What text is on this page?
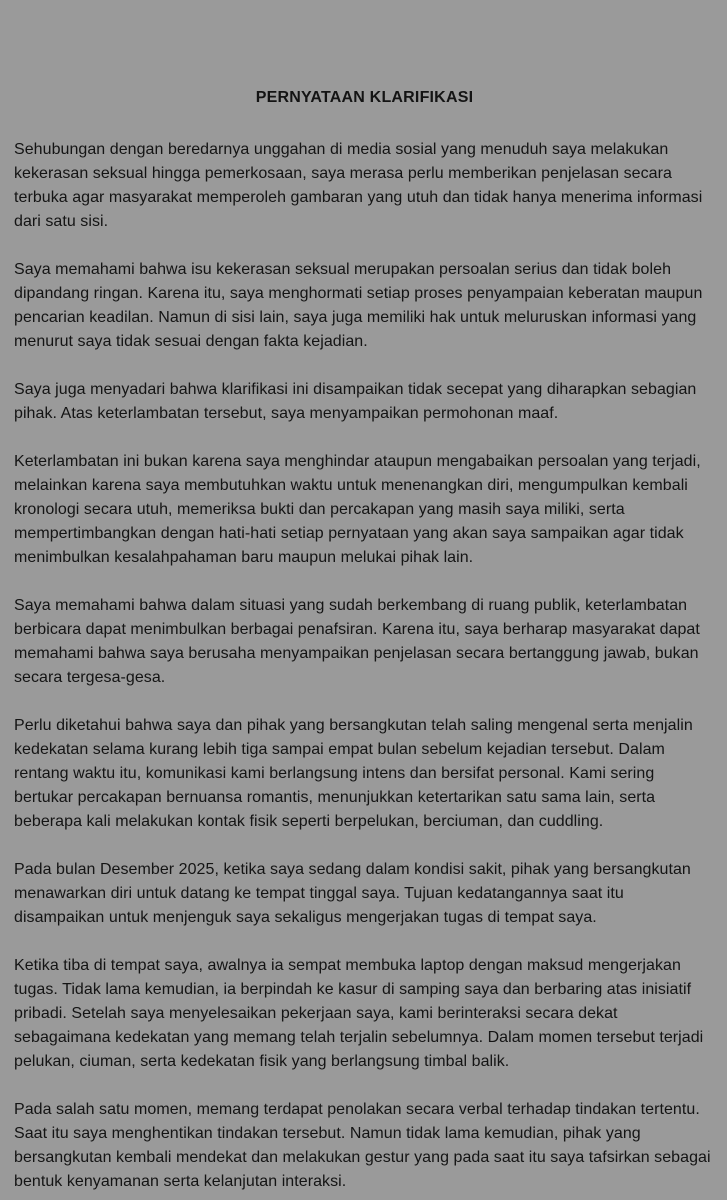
PERNYATAAN KLARIFIKASI

Sehubungan dengan beredarnya unggahan di media sosial yang menuduh saya melakukan kekerasan seksual hingga pemerkosaan, saya merasa perlu memberikan penjelasan secara terbuka agar masyarakat memperoleh gambaran yang utuh dan tidak hanya menerima informasi dari satu sisi.

Saya memahami bahwa isu kekerasan seksual merupakan persoalan serius dan tidak boleh dipandang ringan. Karena itu, saya menghormati setiap proses penyampaian keberatan maupun pencarian keadilan. Namun di sisi lain, saya juga memiliki hak untuk meluruskan informasi yang menurut saya tidak sesuai dengan fakta kejadian.

Saya juga menyadari bahwa klarifikasi ini disampaikan tidak secepat yang diharapkan sebagian pihak. Atas keterlambatan tersebut, saya menyampaikan permohonan maaf.

Keterlambatan ini bukan karena saya menghindar ataupun mengabaikan persoalan yang terjadi, melainkan karena saya membutuhkan waktu untuk menenangkan diri, mengumpulkan kembali kronologi secara utuh, memeriksa bukti dan percakapan yang masih saya miliki, serta mempertimbangkan dengan hati-hati setiap pernyataan yang akan saya sampaikan agar tidak menimbulkan kesalahpahaman baru maupun melukai pihak lain.

Saya memahami bahwa dalam situasi yang sudah berkembang di ruang publik, keterlambatan berbicara dapat menimbulkan berbagai penafsiran. Karena itu, saya berharap masyarakat dapat memahami bahwa saya berusaha menyampaikan penjelasan secara bertanggung jawab, bukan secara tergesa-gesa.

Perlu diketahui bahwa saya dan pihak yang bersangkutan telah saling mengenal serta menjalin kedekatan selama kurang lebih tiga sampai empat bulan sebelum kejadian tersebut. Dalam rentang waktu itu, komunikasi kami berlangsung intens dan bersifat personal. Kami sering bertukar percakapan bernuansa romantis, menunjukkan ketertarikan satu sama lain, serta beberapa kali melakukan kontak fisik seperti berpelukan, berciuman, dan cuddling.

Pada bulan Desember 2025, ketika saya sedang dalam kondisi sakit, pihak yang bersangkutan menawarkan diri untuk datang ke tempat tinggal saya. Tujuan kedatangannya saat itu disampaikan untuk menjenguk saya sekaligus mengerjakan tugas di tempat saya.

Ketika tiba di tempat saya, awalnya ia sempat membuka laptop dengan maksud mengerjakan tugas. Tidak lama kemudian, ia berpindah ke kasur di samping saya dan berbaring atas inisiatif pribadi. Setelah saya menyelesaikan pekerjaan saya, kami berinteraksi secara dekat sebagaimana kedekatan yang memang telah terjalin sebelumnya. Dalam momen tersebut terjadi pelukan, ciuman, serta kedekatan fisik yang berlangsung timbal balik.

Pada salah satu momen, memang terdapat penolakan secara verbal terhadap tindakan tertentu. Saat itu saya menghentikan tindakan tersebut. Namun tidak lama kemudian, pihak yang bersangkutan kembali mendekat dan melakukan gestur yang pada saat itu saya tafsirkan sebagai bentuk kenyamanan serta kelanjutan interaksi.
